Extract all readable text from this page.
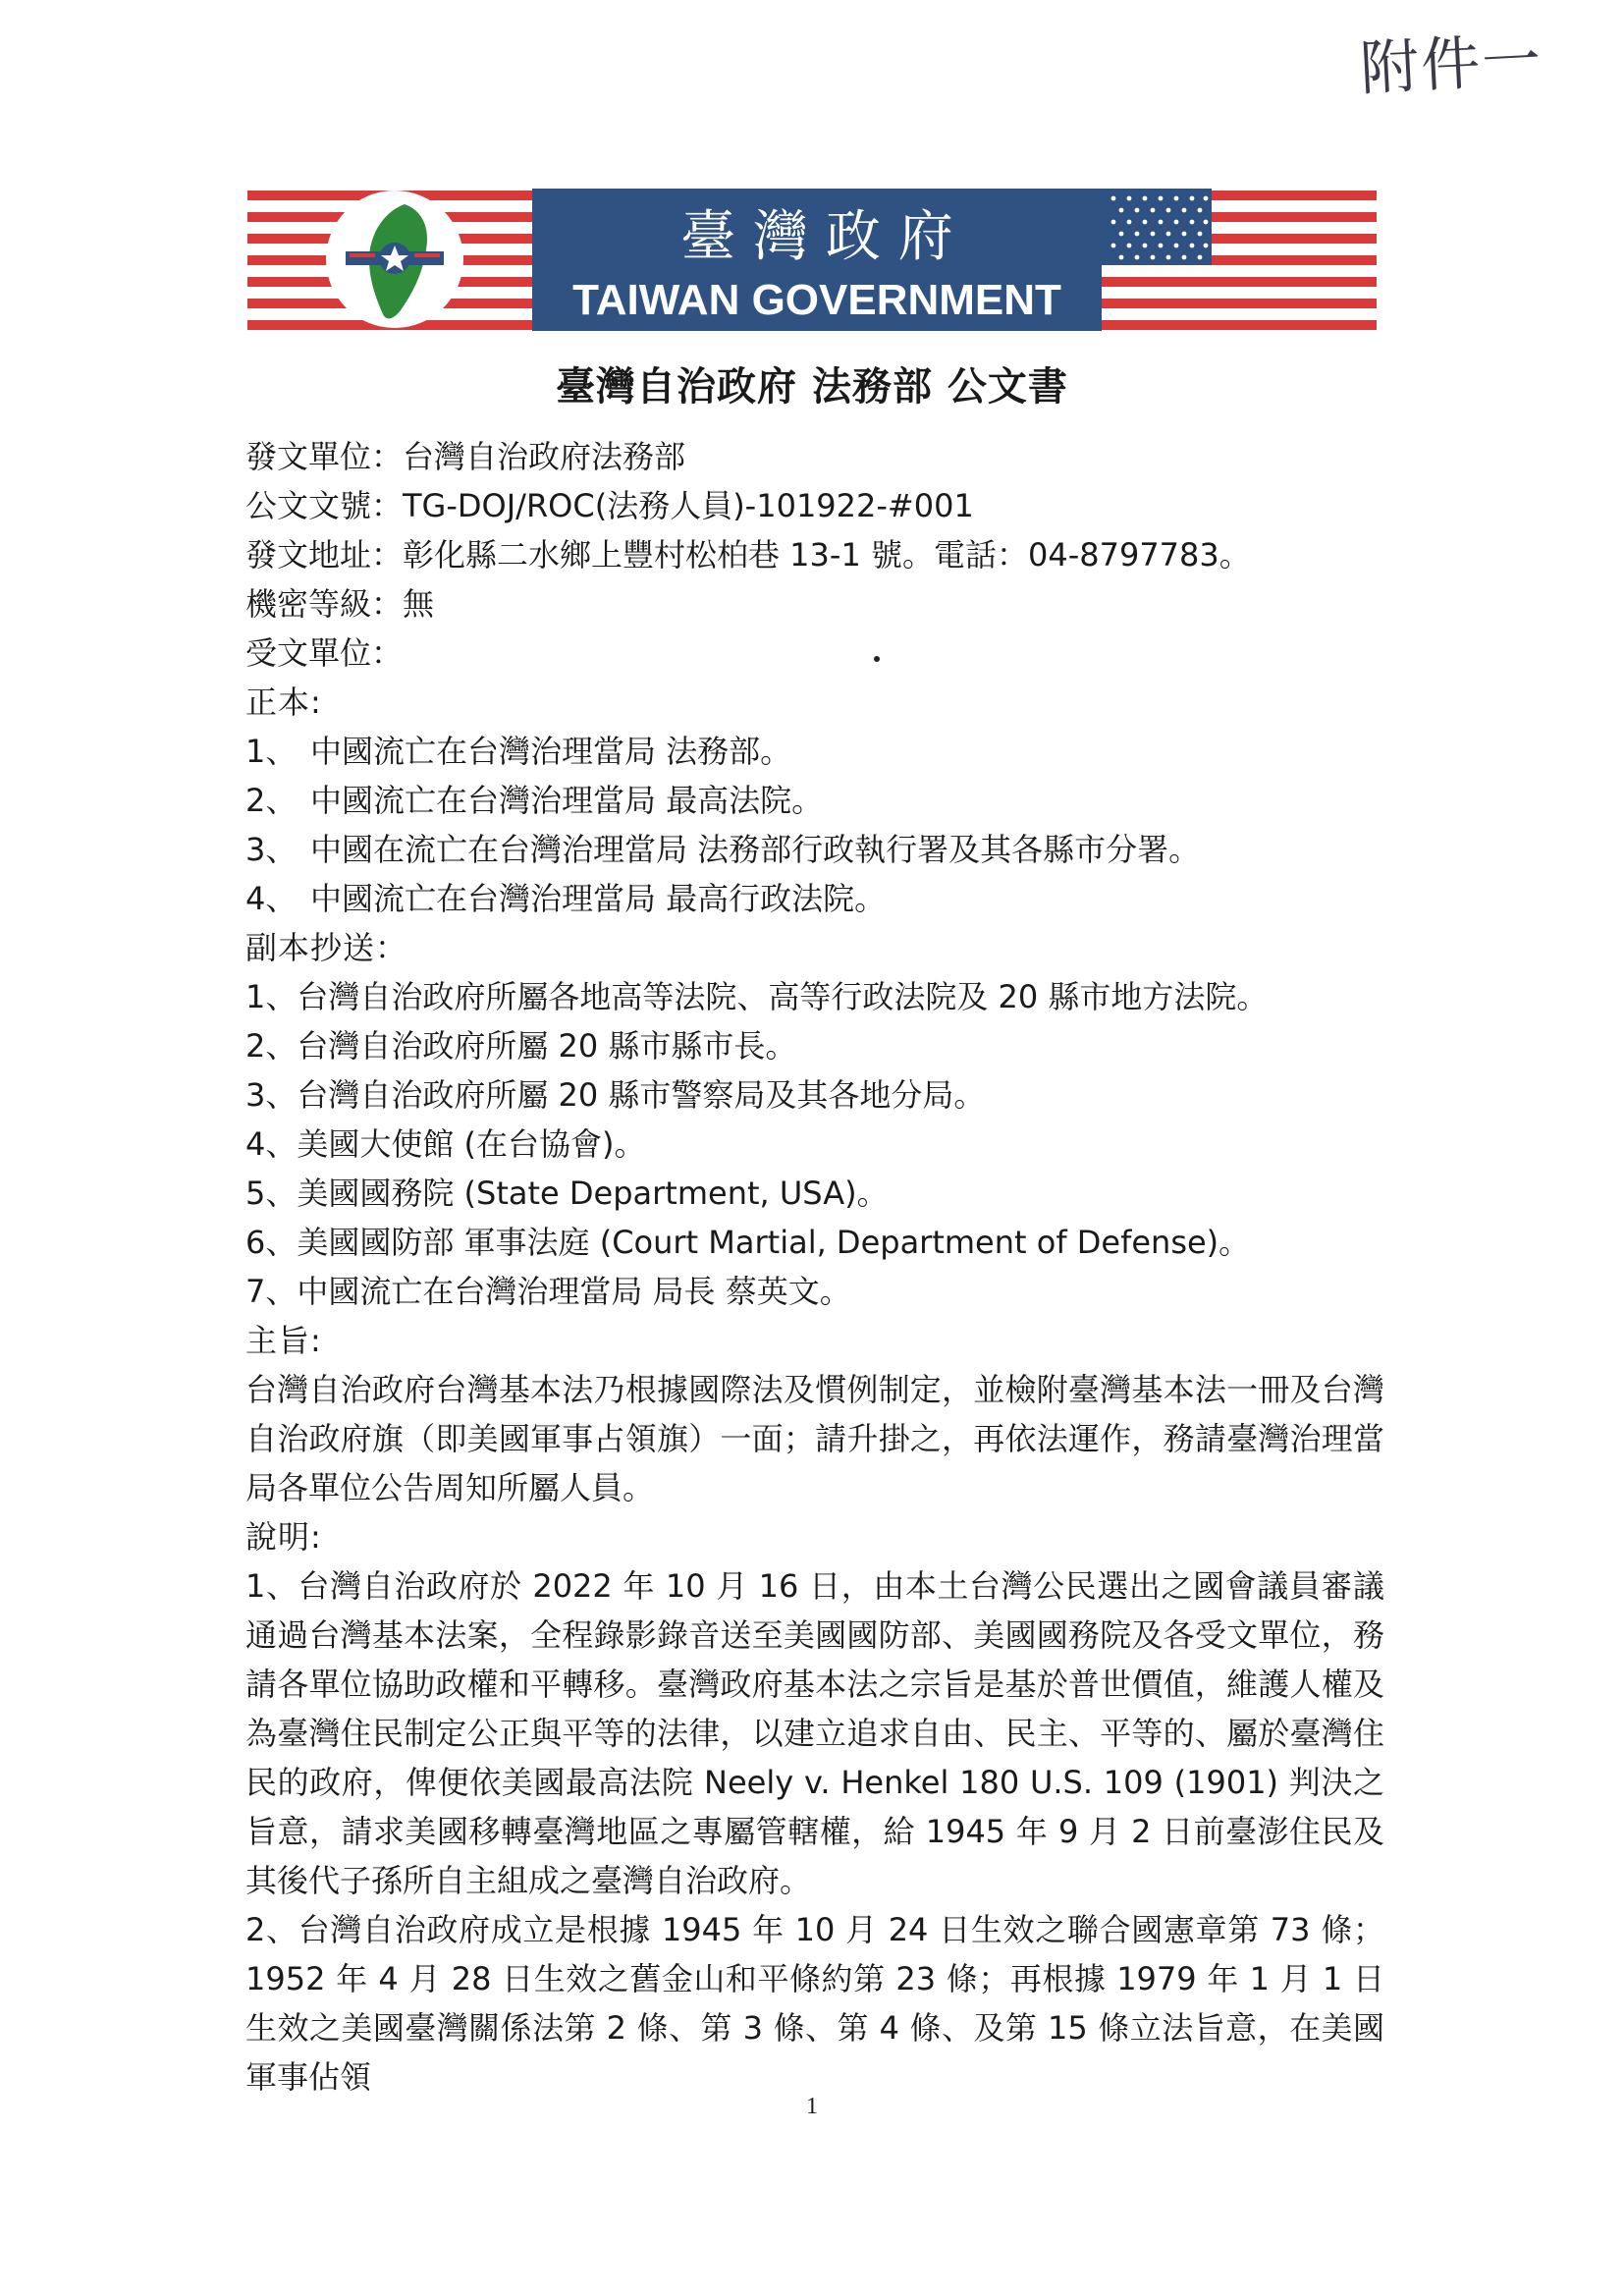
附件一
臺 灣 政 府
TAIWAN GOVERNMENT
臺灣自治政府 法務部 公文書
發文單位：台灣自治政府法務部
公文文號：TG-DOJ/ROC(法務人員)-101922-#001
發文地址：彰化縣二水鄉上豐村松柏巷 13-1 號。電話：04-8797783。
機密等級：無
受文單位：
正本:
1、 中國流亡在台灣治理當局 法務部。
2、 中國流亡在台灣治理當局 最高法院。
3、 中國在流亡在台灣治理當局 法務部行政執行署及其各縣市分署。
4、 中國流亡在台灣治理當局 最高行政法院。
副本抄送：
1、台灣自治政府所屬各地高等法院、高等行政法院及 20 縣市地方法院。
2、台灣自治政府所屬 20 縣市縣市長。
3、台灣自治政府所屬 20 縣市警察局及其各地分局。
4、美國大使館 (在台協會)。
5、美國國務院 (State Department, USA)。
6、美國國防部 軍事法庭 (Court Martial, Department of Defense)。
7、中國流亡在台灣治理當局 局長 蔡英文。
主旨:

台灣自治政府台灣基本法乃根據國際法及慣例制定，並檢附臺灣基本法一冊及台灣自治政府旗（即美國軍事占領旗）一面；請升掛之，再依法運作，務請臺灣治理當局各單位公告周知所屬人員。

說明:

1、台灣自治政府於 2022 年 10 月 16 日，由本土台灣公民選出之國會議員審議通過台灣基本法案，全程錄影錄音送至美國國防部、美國國務院及各受文單位，務請各單位協助政權和平轉移。臺灣政府基本法之宗旨是基於普世價值，維護人權及為臺灣住民制定公正與平等的法律，以建立追求自由、民主、平等的、屬於臺灣住民的政府，俾便依美國最高法院 Neely v. Henkel 180 U.S. 109 (1901) 判決之旨意，請求美國移轉臺灣地區之專屬管轄權，給 1945 年 9 月 2 日前臺澎住民及其後代子孫所自主組成之臺灣自治政府。

2、台灣自治政府成立是根據 1945 年 10 月 24 日生效之聯合國憲章第 73 條；1952 年 4 月 28 日生效之舊金山和平條約第 23 條；再根據 1979 年 1 月 1 日生效之美國臺灣關係法第 2 條、第 3 條、第 4 條、及第 15 條立法旨意，在美國軍事佔領

1
